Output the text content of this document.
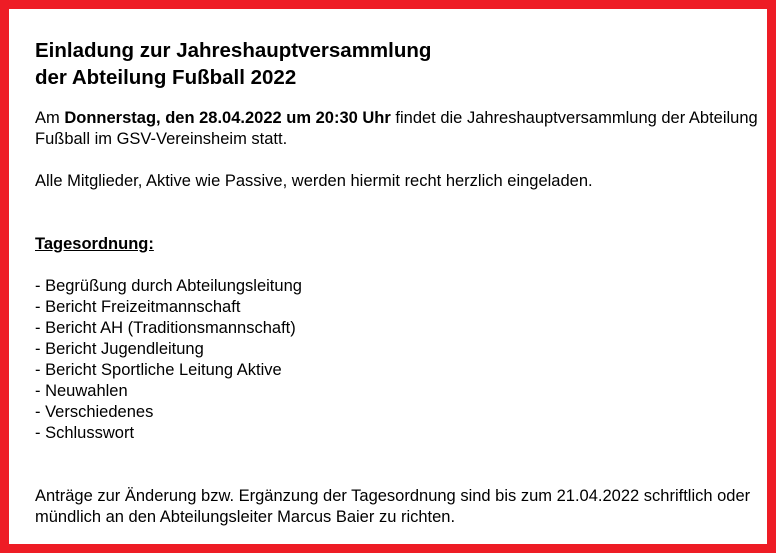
Einladung zur Jahreshauptversammlung
der Abteilung Fußball 2022

Am Donnerstag, den 28.04.2022 um 20:30 Uhr findet die Jahreshauptversammlung der Abteilung Fußball im GSV-Vereinsheim statt.

Alle Mitglieder, Aktive wie Passive, werden hiermit recht herzlich eingeladen.

Tagesordnung:

- Begrüßung durch Abteilungsleitung
- Bericht Freizeitmannschaft
- Bericht AH (Traditionsmannschaft)
- Bericht Jugendleitung
- Bericht Sportliche Leitung Aktive
- Neuwahlen
- Verschiedenes
- Schlusswort

Anträge zur Änderung bzw. Ergänzung der Tagesordnung sind bis zum 21.04.2022 schriftlich oder mündlich an den Abteilungsleiter Marcus Baier zu richten.
